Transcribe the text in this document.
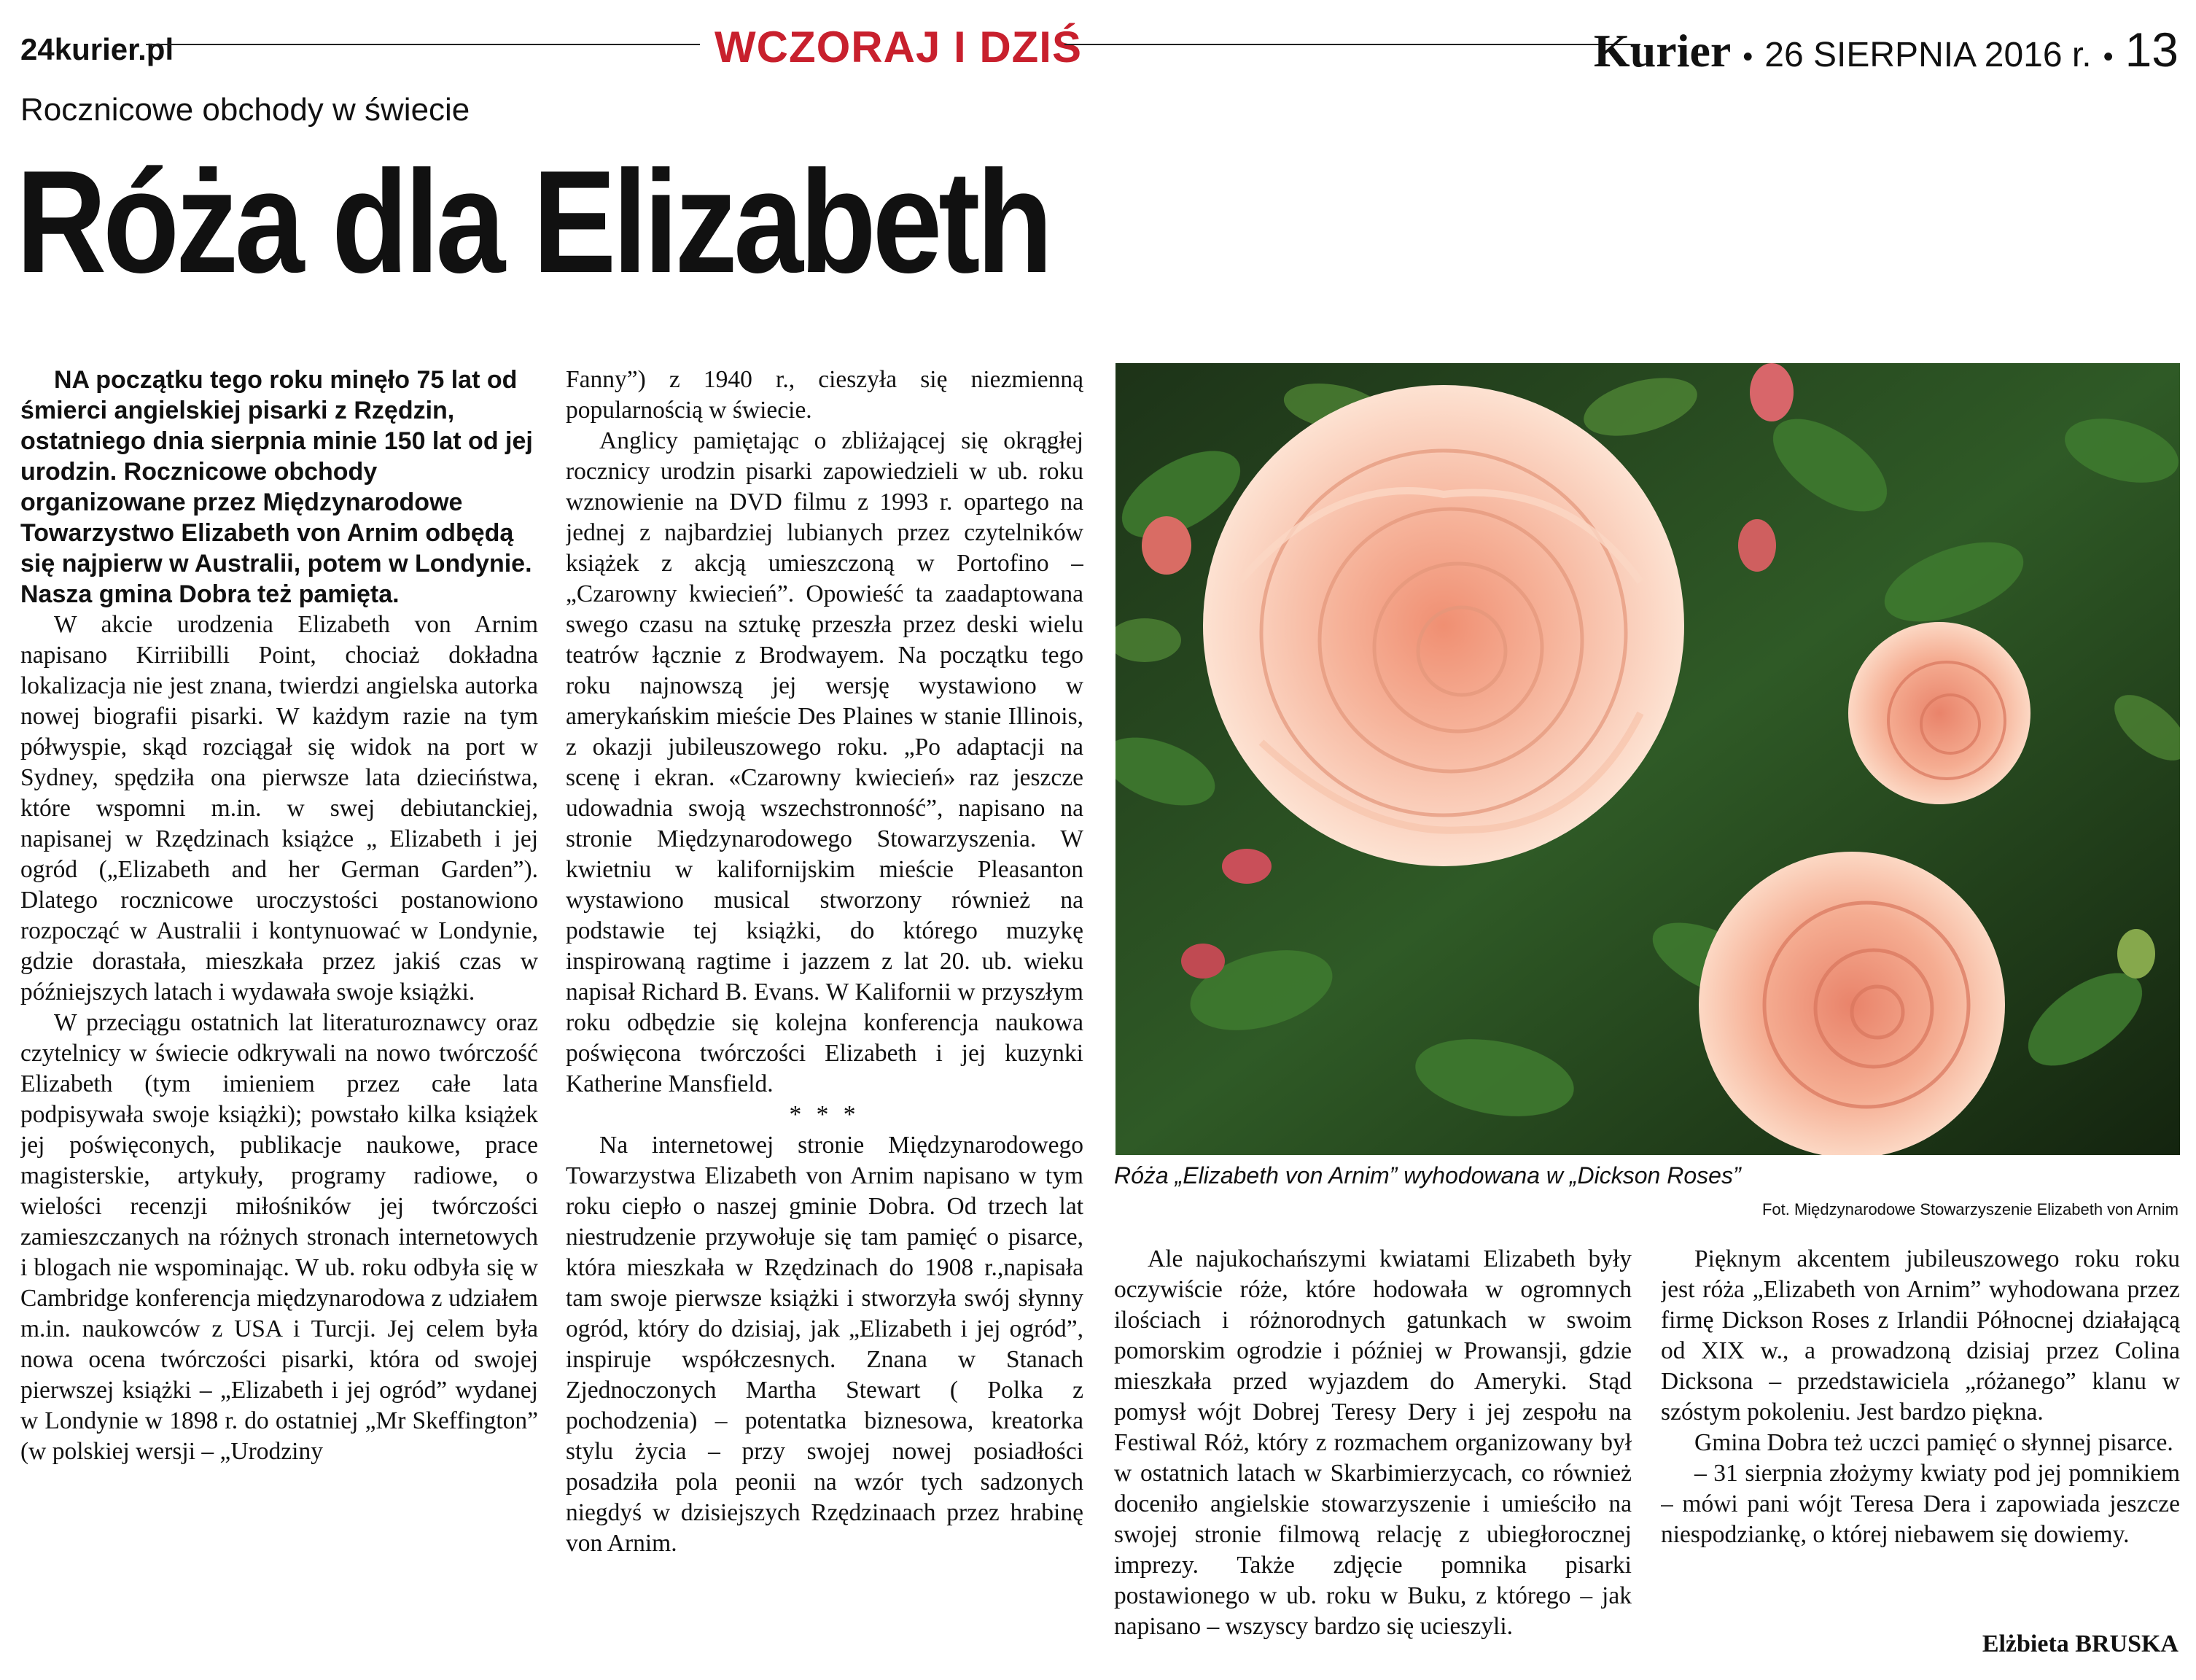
24kurier.pl	WCZORAJ I DZIŚ	Kurier • 26 SIERPNIA 2016 r. • 13
Rocznicowe obchody w świecie
Róża dla Elizabeth

NA początku tego roku minęło 75 lat od śmierci angielskiej pisarki z Rzędzin, ostatniego dnia sierpnia minie 150 lat od jej urodzin. Rocznicowe obchody organizowane przez Międzynarodowe Towarzystwo Elizabeth von Arnim odbędą się najpierw w Australii, potem w Londynie. Nasza gmina Dobra też pamięta.

W akcie urodzenia Elizabeth von Arnim napisano Kirriibilli Point, chociaż dokładna lokalizacja nie jest znana, twierdzi angielska autorka nowej biografii pisarki. W każdym razie na tym półwyspie, skąd rozciągał się widok na port w Sydney, spędziła ona pierwsze lata dzieciństwa, które wspomni m.in. w swej debiutanckiej, napisanej w Rzędzinach książce „ Elizabeth i jej ogród („Elizabeth and her German Garden”). Dlatego rocznicowe uroczystości postanowiono rozpocząć w Australii i kontynuować w Londynie, gdzie dorastała, mieszkała przez jakiś czas w późniejszych latach i wydawała swoje książki.

W przeciągu ostatnich lat literaturoznawcy oraz czytelnicy w świecie odkrywali na nowo twórczość Elizabeth (tym imieniem przez całe lata podpisywała swoje książki); powstało kilka książek jej poświęconych, publikacje naukowe, prace magisterskie, artykuły, programy radiowe, o wielości recenzji miłośników jej twórczości zamieszczanych na różnych stronach internetowych i blogach nie wspominając. W ub. roku odbyła się w Cambridge konferencja międzynarodowa z udziałem m.in. naukowców z USA i Turcji. Jej celem była nowa ocena twórczości pisarki, która od swojej pierwszej książki – „Elizabeth i jej ogród” wydanej w Londynie w 1898 r. do ostatniej „Mr Skeffington” (w polskiej wersji – „Urodziny

Fanny”) z 1940 r., cieszyła się niezmienną popularnością w świecie.

Anglicy pamiętając o zbliżającej się okrągłej rocznicy urodzin pisarki zapowiedzieli w ub. roku wznowienie na DVD filmu z 1993 r. opartego na jednej z najbardziej lubianych przez czytelników książek z akcją umieszczoną w Portofino – „Czarowny kwiecień”. Opowieść ta zaadaptowana swego czasu na sztukę przeszła przez deski wielu teatrów łącznie z Brodwayem. Na początku tego roku najnowszą jej wersję wystawiono w amerykańskim mieście Des Plaines w stanie Illinois, z okazji jubileuszowego roku. „Po adaptacji na scenę i ekran. «Czarowny kwiecień» raz jeszcze udowadnia swoją wszechstronność”, napisano na stronie Międzynarodowego Stowarzyszenia. W kwietniu w kalifornijskim mieście Pleasanton wystawiono musical stworzony również na podstawie tej książki, do którego muzykę inspirowaną ragtime i jazzem z lat 20. ub. wieku napisał Richard B. Evans. W Kalifornii w przyszłym roku odbędzie się kolejna konferencja naukowa poświęcona twórczości Elizabeth i jej kuzynki Katherine Mansfield.

* * *

Na internetowej stronie Międzynarodowego Towarzystwa Elizabeth von Arnim napisano w tym roku ciepło o naszej gminie Dobra. Od trzech lat niestrudzenie przywołuje się tam pamięć o pisarce, która mieszkała w Rzędzinach do 1908 r.,napisała tam swoje pierwsze książki i stworzyła swój słynny ogród, który do dzisiaj, jak „Elizabeth i jej ogród”, inspiruje współczesnych. Znana w Stanach Zjednoczonych Martha Stewart ( Polka z pochodzenia) – potentatka biznesowa, kreatorka stylu życia – przy swojej nowej posiadłości posadziła pola peonii na wzór tych sadzonych niegdyś w dzisiejszych Rzędzinaach przez hrabinę von Arnim.

Róża „Elizabeth von Arnim” wyhodowana w „Dickson Roses”
Fot. Międzynarodowe Stowarzyszenie Elizabeth von Arnim

Ale najukochańszymi kwiatami Elizabeth były oczywiście róże, które hodowała w ogromnych ilościach i różnorodnych gatunkach w swoim pomorskim ogrodzie i później w Prowansji, gdzie mieszkała przed wyjazdem do Ameryki. Stąd pomysł wójt Dobrej Teresy Dery i jej zespołu na Festiwal Róż, który z rozmachem organizowany był w ostatnich latach w Skarbimierzycach, co również doceniło angielskie stowarzyszenie i umieściło na swojej stronie filmową relację z ubiegłorocznej imprezy. Także zdjęcie pomnika pisarki postawionego w ub. roku w Buku, z którego – jak napisano – wszyscy bardzo się ucieszyli.

Pięknym akcentem jubileuszowego roku roku jest róża „Elizabeth von Arnim” wyhodowana przez firmę Dickson Roses z Irlandii Północnej działającą od XIX w., a prowadzoną dzisiaj przez Colina Dicksona – przedstawiciela „różanego” klanu w szóstym pokoleniu. Jest bardzo piękna.

Gmina Dobra też uczci pamięć o słynnej pisarce.

– 31 sierpnia złożymy kwiaty pod jej pomnikiem – mówi pani wójt Teresa Dera i zapowiada jeszcze niespodziankę, o której niebawem się dowiemy.

Elżbieta BRUSKA
